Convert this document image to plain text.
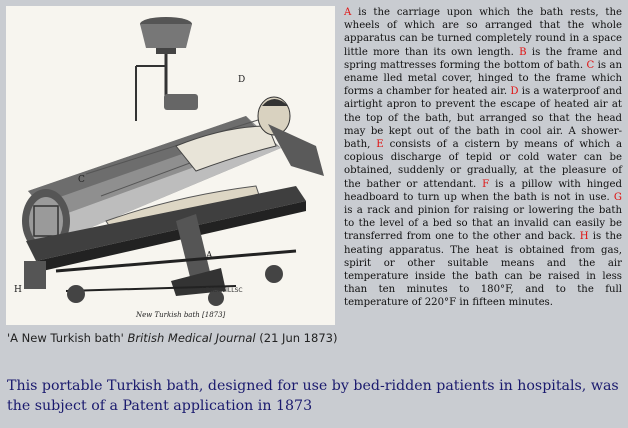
C
D
A
H	LEADHEILLSC
New Turkish bath [1873]
'A New Turkish bath' British Medical Journal (21 Jun 1873)

A is the carriage upon which the bath rests, the wheels of which are so arranged that the whole apparatus can be turned completely round in a space little more than its own length. B is the frame and spring mattresses forming the bottom of bath. C is an ename lled metal cover, hinged to the frame which forms a chamber for heated air. D is a waterproof and airtight apron to prevent the escape of heated air at the top of the bath, but arranged so that the head may be kept out of the bath in cool air. A shower-bath, E consists of a cistern by means of which a copious discharge of tepid or cold water can be obtained, suddenly or gradually, at the pleasure of the bather or attendant. F is a pillow with hinged headboard to turn up when the bath is not in use. G is a rack and pinion for raising or lowering the bath to the level of a bed so that an invalid can easily be transferred from one to the other and back. H is the heating apparatus. The heat is obtained from gas, spirit or other suitable means and the air temperature inside the bath can be raised in less than ten minutes to 180°F, and to the full temperature of 220°F in fifteen minutes.

This portable Turkish bath, designed for use by bed-ridden patients in hospitals, was the subject of a Patent application in 1873
